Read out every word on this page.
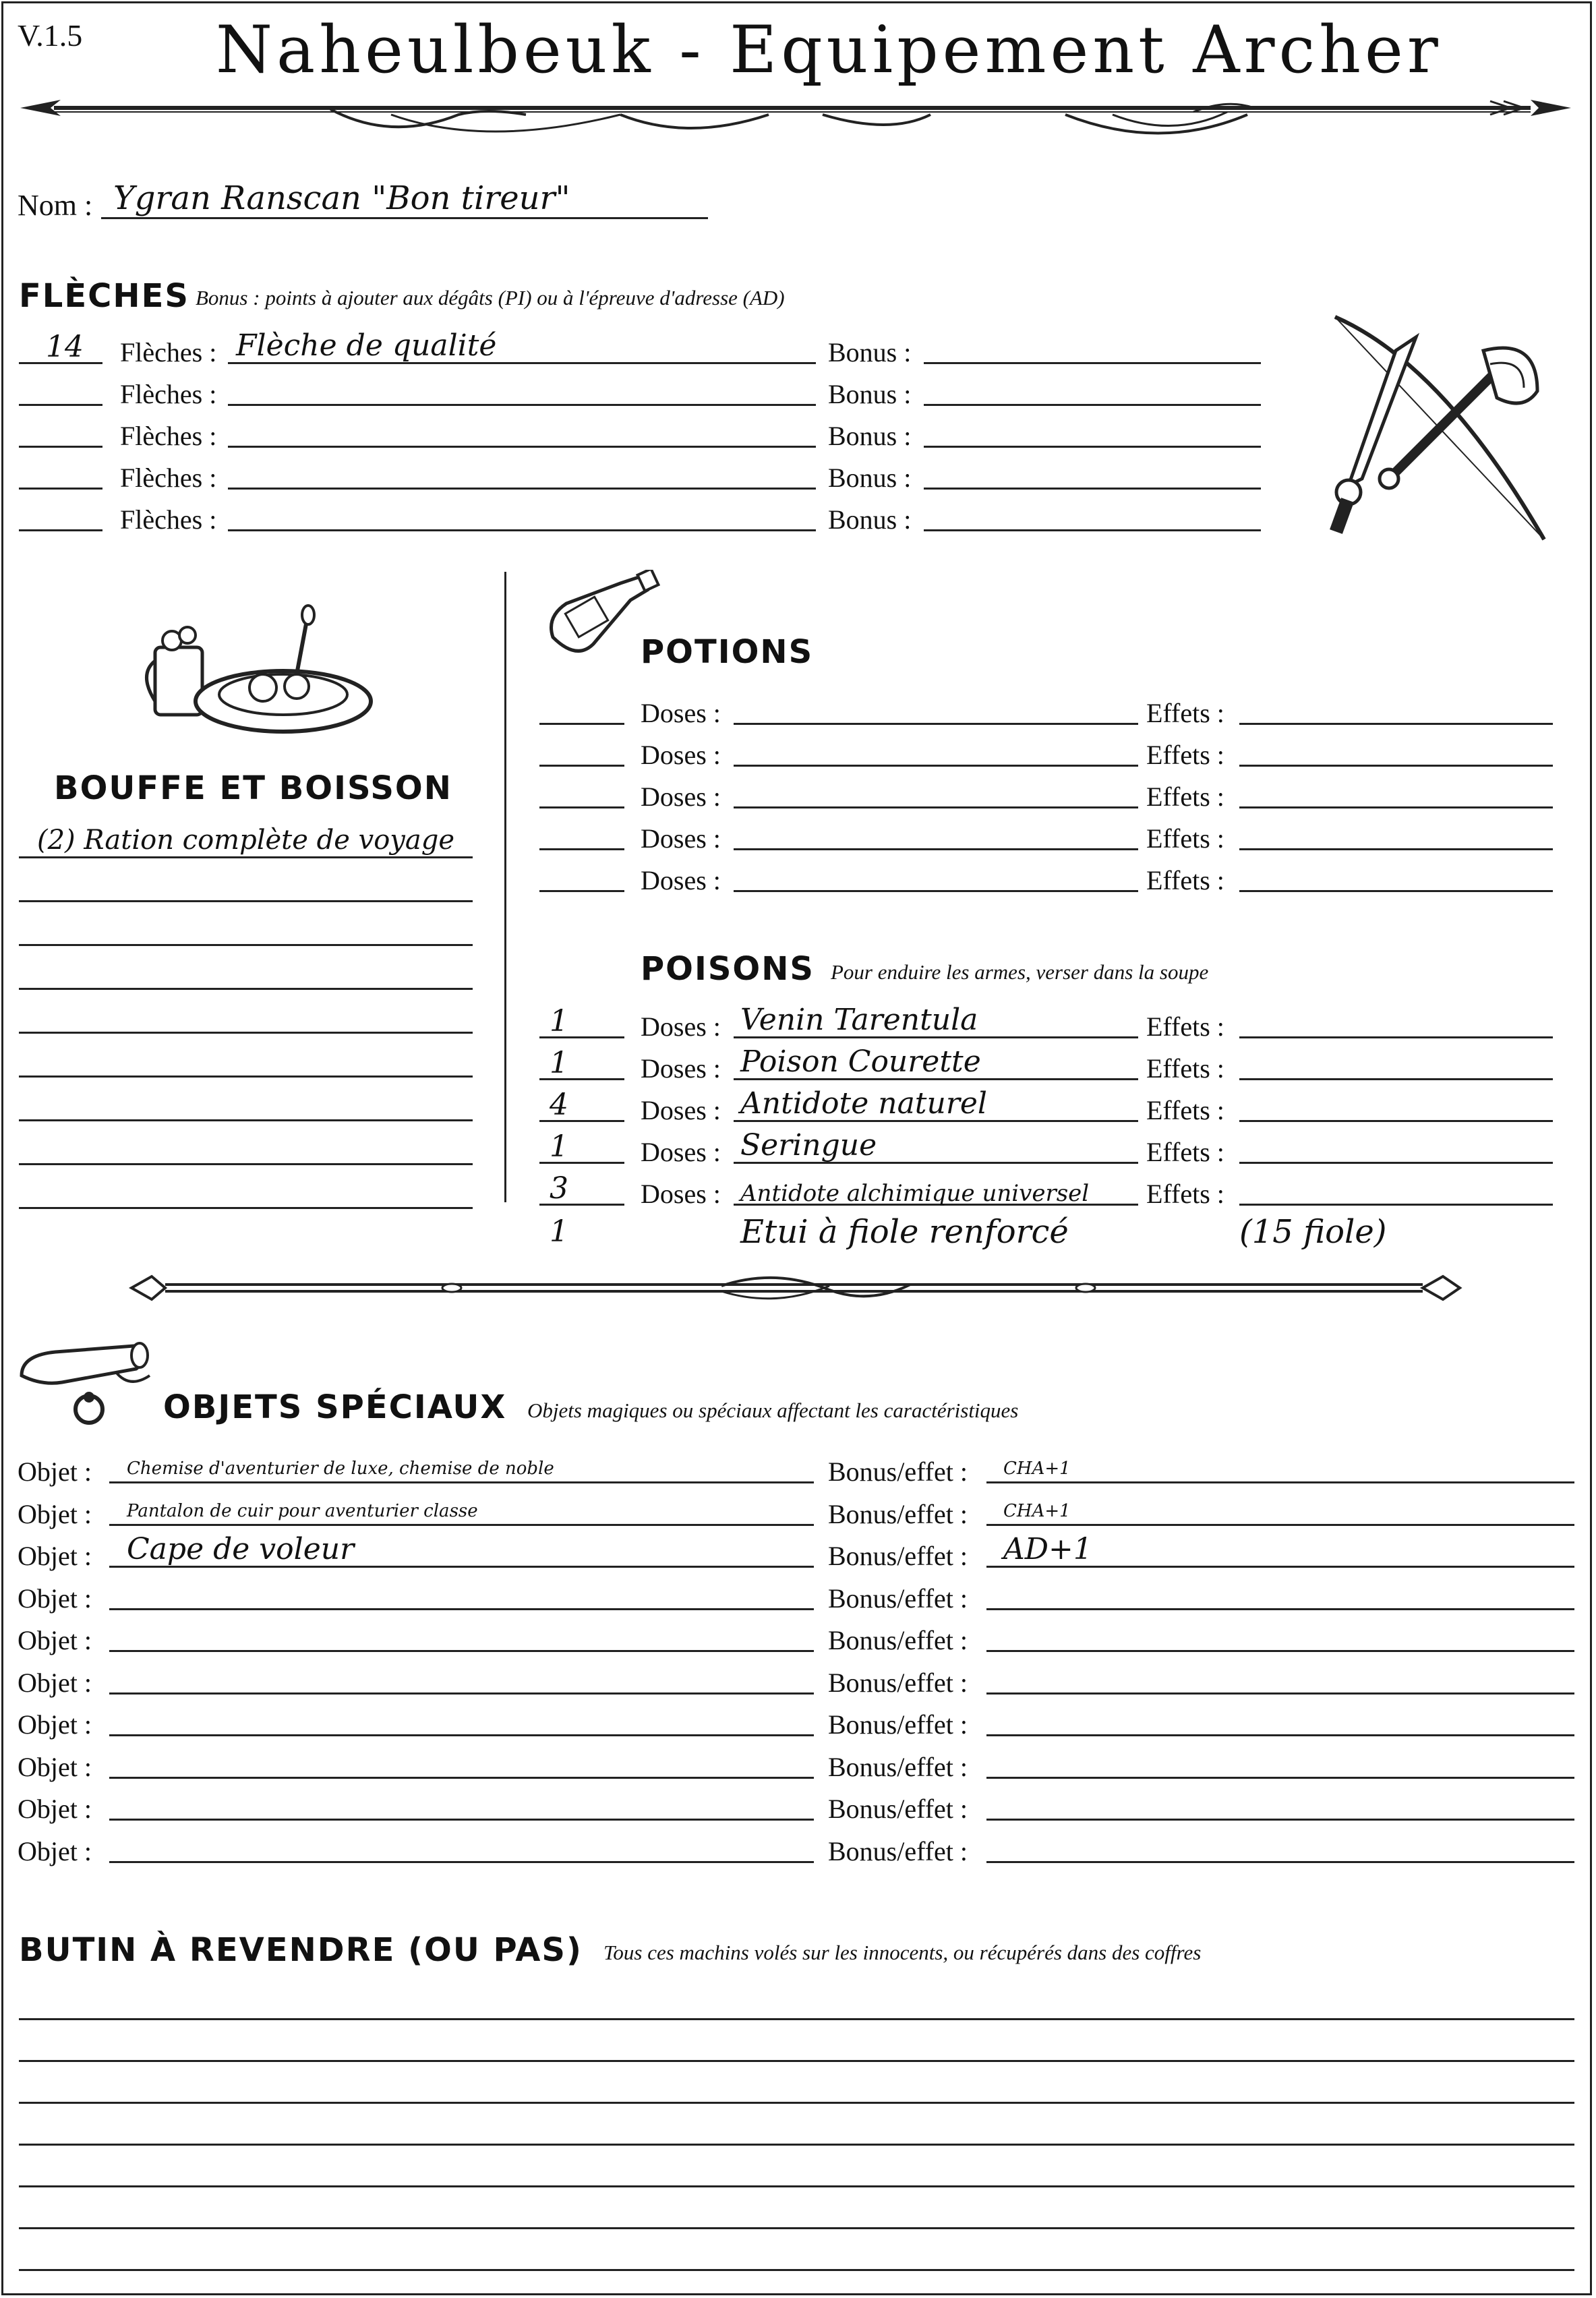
V.1.5 Naheulbeuk - Equipement Archer
Nom : Ygran Ranscan "Bon tireur"
FLÈCHES Bonus : points à ajouter aux dégâts (PI) ou à l'épreuve d'adresse (AD)
14 Flèches : Flèche de qualité	Bonus :
Flèches :	Bonus :
Flèches :	Bonus :
Flèches :	Bonus :
Flèches :	Bonus :
BOUFFE ET BOISSON
(2) Ration complète de voyage
POTIONS
Doses :	Effets :
Doses :	Effets :
Doses :	Effets :
Doses :	Effets :
Doses :	Effets :
POISONS Pour enduire les armes, verser dans la soupe
1	Doses : Venin Tarentula	Effets :
1	Doses : Poison Courette	Effets :
4	Doses : Antidote naturel	Effets :
1	Doses : Seringue	Effets :
3	Doses : Antidote alchimique universel Effets :
1	Etui à fiole renforcé	(15 fiole)
OBJETS SPÉCIAUX Objets magiques ou spéciaux affectant les caractéristiques
Objet : Chemise d'aventurier de luxe, chemise de noble	Bonus/effet : CHA+1
Objet : Pantalon de cuir pour aventurier classe	Bonus/effet : CHA+1
Objet : Cape de voleur	Bonus/effet : AD+1
Objet :	Bonus/effet :
Objet :	Bonus/effet :
Objet :	Bonus/effet :
Objet :	Bonus/effet :
Objet :	Bonus/effet :
Objet :	Bonus/effet :
Objet :	Bonus/effet :
BUTIN À REVENDRE (OU PAS) Tous ces machins volés sur les innocents, ou récupérés dans des coffres
